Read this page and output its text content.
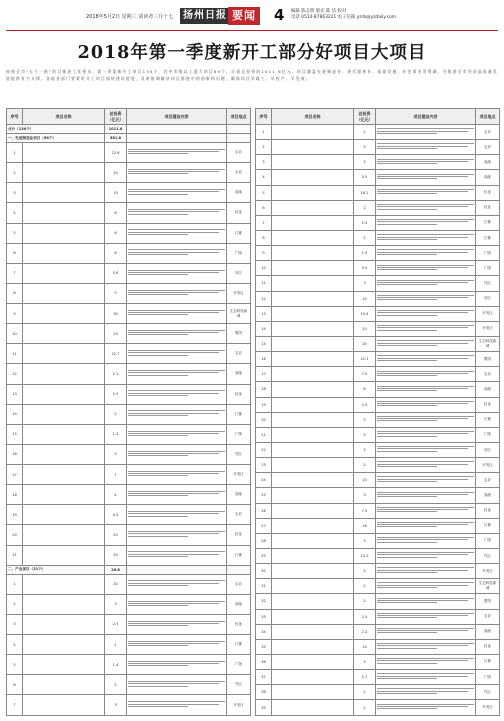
2018年5月2日 星期三 请读者三月十七 扬州日报 要闻 4 编辑 陈志明 版式 陈 洁 校对
电话 0514-87863221 电子信箱 yzrb@yzdaily.com
2018年第一季度新开工部分好项目大项目
按照全市"五个一批"项目推进工作要求，第一季度新开工项目130个，其中市级以上重大项目69个，计划总投资约1011.6亿元。项目涵盖先进制造业、现代服务业、基础设施、社会事业等领域，为推进全市经济高质量发展提供有力支撑。各地各部门要紧盯开工项目加快建设进度，及时协调解决项目推进中的困难和问题，确保项目早竣工、早投产、早见效。
序号	项目名称	总投资（亿元）	项目建设内容	项目地点
合计（130个）		1011.6		
一、先进制造业项目（56个）		581.8		
1		22.6		宝应
2		10		宝应
3		10		高邮
4		8		仪征
5		6		江都
6		6		广陵
7		5.6		邗江
8		5		开发区
9		30		生态科技新城
10		20		蜀冈
11		22.7		宝应
12		2.1		高邮
13		2.5		仪征
14		2		江都
15		1.2		广陵
16		5		邗江
17		7		开发区
18		4		高邮
19		4.5		宝应
20		20		仪征
21		20		江都
二、产业项目（21个）		26.6		
1		20		宝应
2		3		高邮
3		2.5		仪征
4		1		江都
5		1.4		广陵
6		2		邗江
7		3		开发区
序号	项目名称	总投资（亿元）	项目建设内容	项目地点
1		2		宝应
2		5		宝应
3		3		高邮
4		3.5		高邮
5		16.2		仪征
6		2		仪征
7		2.5		江都
8		2		江都
9		1.5		广陵
10		3.5		广陵
11		3		邗江
12		10		邗江
13		15.4		开发区
14		10		开发区
15		20		生态科技新城
16		22.1		蜀冈
17		7.5		宝应
18		8		高邮
19		2.5		仪征
20		5		江都
21		5		广陵
22		3		邗江
23		2		开发区
24		10		宝应
25		3		高邮
26		7.5		仪征
27		16		江都
28		3		广陵
29		13.3		邗江
30		2		开发区
31		2		生态科技新城
32		2		蜀冈
33		2.5		宝应
34		2.2		高邮
35		10		仪征
36		3		江都
37		2.7		广陵
38		2		邗江
39		2		开发区
